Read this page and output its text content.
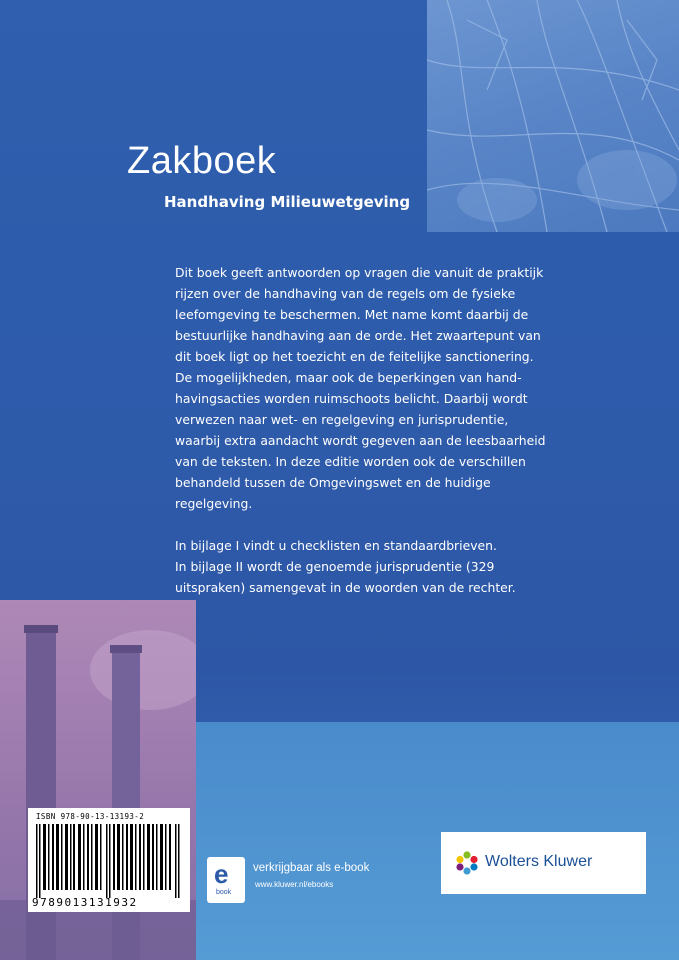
Zakboek
Handhaving Milieuwetgeving

Dit boek geeft antwoorden op vragen die vanuit de praktijk
rijzen over de handhaving van de regels om de fysieke
leefomgeving te beschermen. Met name komt daarbij de
bestuurlijke handhaving aan de orde. Het zwaartepunt van
dit boek ligt op het toezicht en de feitelijke sanctionering.
De mogelijkheden, maar ook de beperkingen van hand-
havingsacties worden ruimschoots belicht. Daarbij wordt
verwezen naar wet- en regelgeving en jurisprudentie,
waarbij extra aandacht wordt gegeven aan de leesbaarheid
van de teksten. In deze editie worden ook de verschillen
behandeld tussen de Omgevingswet en de huidige
regelgeving.

In bijlage I vindt u checklisten en standaardbrieven.
In bijlage II wordt de genoemde jurisprudentie (329
uitspraken) samengevat in de woorden van de rechter.

ISBN 978-90-13-13193-2
9789013131932
e
book
verkrijgbaar als e-book
www.kluwer.nl/ebooks
Wolters Kluwer
